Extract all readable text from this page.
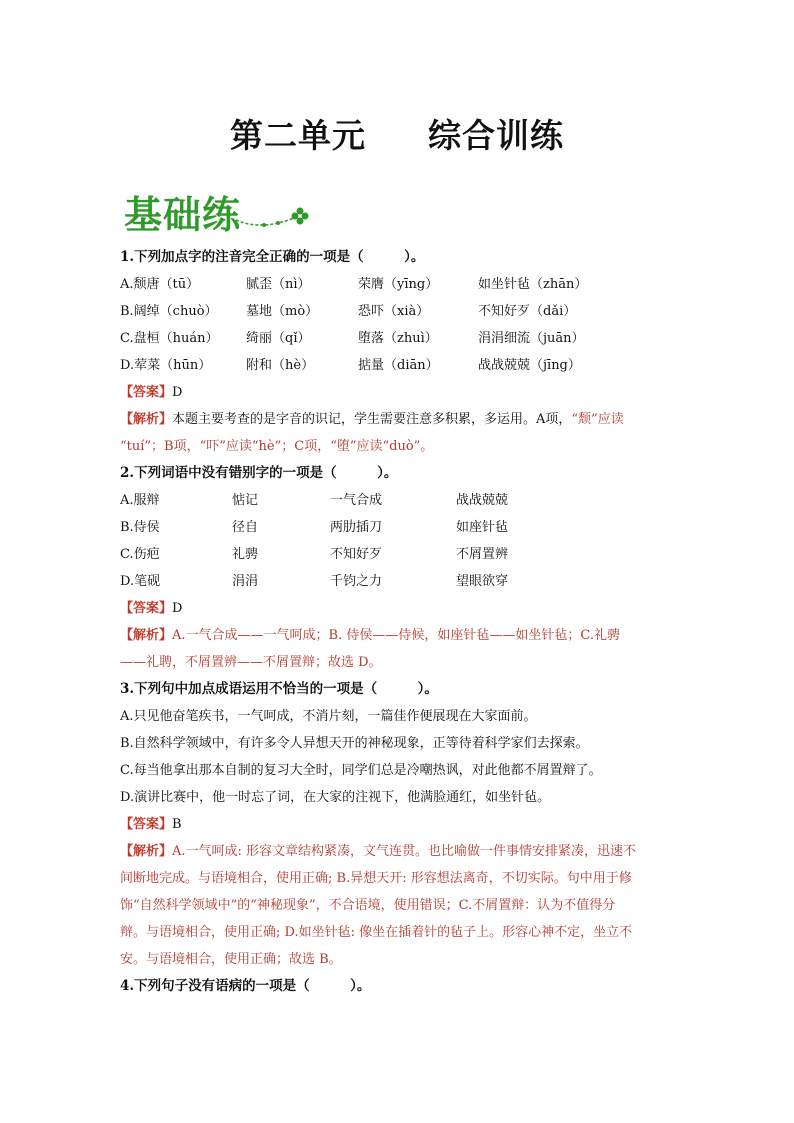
第二单元 综合训练
基础练
1.下列加点字的注音完全正确的一项是（　　　）。
A.颓唐（tū）	腻歪（nì）	荣膺（yīng）	如坐针毡（zhān）
B.阔绰（chuò） 墓地（mò）	恐吓（xià）	不知好歹（dǎi）
C.盘桓（huán） 绮丽（qǐ）	堕落（zhuì）	涓涓细流（juān）
D.荤菜（hūn）	附和（hè）	掂量（diān）	战战兢兢（jīng）
【答案】D
【解析】本题主要考查的是字音的识记，学生需要注意多积累，多运用。A项，“颓”应读
“tuí”；B项，“吓”应读“hè”；C项，“堕”应读“duò”。
2.下列词语中没有错别字的一项是（　　　）。
A.服辩	惦记	一气合成	战战兢兢
B.侍侯	径自	两肋插刀	如座针毡
C.伤疤	礼骋	不知好歹	不屑置辨
D.笔砚	涓涓	千钧之力	望眼欲穿
【答案】D
【解析】A.一气合成——一气呵成；B. 侍侯——侍候，如座针毡——如坐针毡；C.礼骋
——礼聘，不屑置辨——不屑置辩；故选 D。
3.下列句中加点成语运用不恰当的一项是（　　　）。
A.只见他奋笔疾书，一气呵成，不消片刻，一篇佳作便展现在大家面前。
B.自然科学领域中，有许多令人异想天开的神秘现象，正等待着科学家们去探索。
C.每当他拿出那本自制的复习大全时，同学们总是冷嘲热讽，对此他都不屑置辩了。
D.演讲比赛中，他一时忘了词，在大家的注视下，他满脸通红，如坐针毡。
【答案】B
【解析】A.一气呵成: 形容文章结构紧凑，文气连贯。也比喻做一件事情安排紧凑，迅速不
间断地完成。与语境相合，使用正确; B.异想天开: 形容想法离奇，不切实际。句中用于修
饰“自然科学领域中”的“神秘现象”，不合语境，使用错误；C.不屑置辩：认为不值得分
辩。与语境相合，使用正确; D.如坐针毡: 像坐在插着针的毡子上。形容心神不定，坐立不
安。与语境相合，使用正确；故选 B。
4.下列句子没有语病的一项是（　　　）。
